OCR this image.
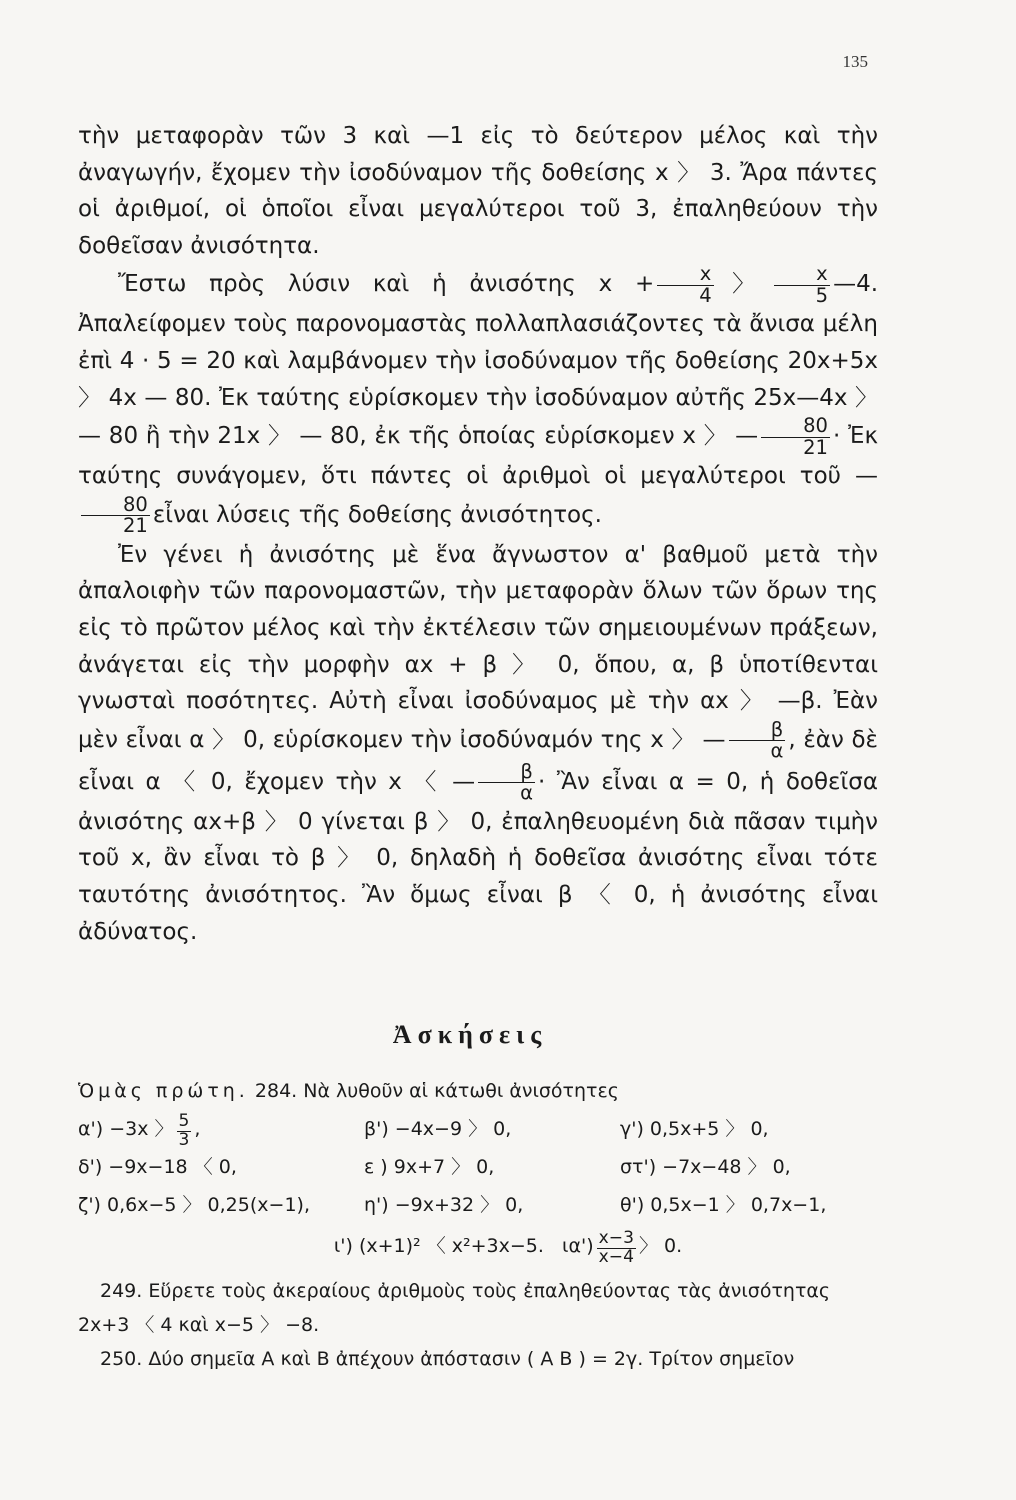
135

τὴν μεταφορὰν τῶν 3 καὶ —1 εἰς τὸ δεύτερον μέλος καὶ τὴν ἀναγωγήν, ἔχομεν τὴν ἰσοδύναμον τῆς δοθείσης x 〉 3. Ἄρα πάντες οἱ ἀριθμοί, οἱ ὁποῖοι εἶναι μεγαλύτεροι τοῦ 3, ἐπαληθεύουν τὴν δοθεῖσαν ἀνισότητα.

Ἔστω πρὸς λύσιν καὶ ἡ ἀνισότης $x + \frac{x}{4}$ 〉 $\frac{x}{5}$ —4. Ἀπαλείφομεν τοὺς παρονομαστὰς πολλαπλασιάζοντες τὰ ἄνισα μέλη ἐπὶ 4 · 5 = 20 καὶ λαμβάνομεν τὴν ἰσοδύναμον τῆς δοθείσης 20x+5x 〉 4x — 80. Ἐκ ταύτης εὑρίσκομεν τὴν ἰσοδύναμον αὐτῆς 25x—4x 〉 — 80 ἢ τὴν 21x 〉 — 80, ἐκ τῆς ὁποίας εὑρίσκομεν x 〉 — $\frac{80}{21}$ · Ἐκ ταύτης συνάγομεν, ὅτι πάντες οἱ ἀριθμοὶ οἱ μεγαλύτεροι τοῦ —
$\frac{80}{21}$ εἶναι λύσεις τῆς δοθείσης ἀνισότητος.

Ἐν γένει ἡ ἀνισότης μὲ ἕνα ἄγνωστον α' βαθμοῦ μετὰ τὴν ἀπαλοιφὴν τῶν παρονομαστῶν, τὴν μεταφορὰν ὅλων τῶν ὅρων της εἰς τὸ πρῶτον μέλος καὶ τὴν ἐκτέλεσιν τῶν σημειουμένων πράξεων, ἀνάγεται εἰς τὴν μορφὴν αx + β 〉 0, ὅπου, α, β ὑποτίθενται γνωσταὶ ποσότητες. Αὐτὴ εἶναι ἰσοδύναμος μὲ τὴν αx 〉 —β. Ἐὰν μὲν εἶναι α 〉 0, εὑρίσκομεν τὴν ἰσοδύναμόν της x 〉 — $\frac{\beta}{\alpha}$ , ἐὰν δὲ εἶναι α 〈 0, ἔχομεν τὴν x 〈 — $\frac{\beta}{\alpha}$ · Ἂν εἶναι α = 0, ἡ δοθεῖσα ἀνισότης αx+β 〉 0 γίνεται β 〉 0, ἐπαληθευομένη διὰ πᾶσαν τιμὴν τοῦ x, ἂν εἶναι τὸ β 〉 0, δηλαδὴ ἡ δοθεῖσα ἀνισότης εἶναι τότε ταυτότης ἀνισότητος. Ἂν ὅμως εἶναι β 〈 0, ἡ ἀνισότης εἶναι ἀδύνατος.

Ἀσκήσεις

Ὁμὰς πρώτη. 284. Νὰ λυθοῦν αἱ κάτωθι ἀνισότητες

α') −3x 〉 $\frac{5}{3}$ ,	β') −4x−9 〉 0,	γ') 0,5x+5 〉 0,
δ') −9x−18 〈 0,	ε ) 9x+7 〉 0,	στ') −7x−48 〉 0,
ζ') 0,6x−5 〉 0,25(x−1),	η') −9x+32 〉 0,	θ') 0,5x−1 〉 0,7x−1,
ι') (x+1)² 〈 x²+3x−5. $\iota\alpha') \frac{x-3}{x-4}$ 〉 0.

249. Εὕρετε τοὺς ἀκεραίους ἀριθμοὺς τοὺς ἐπαληθεύοντας τὰς ἀνισότητας 2x+3 〈 4 καὶ x−5 〉 −8.

250. Δύο σημεῖα Α καὶ Β ἀπέχουν ἀπόστασιν ( Α Β ) = 2γ. Τρίτον σημεῖον
